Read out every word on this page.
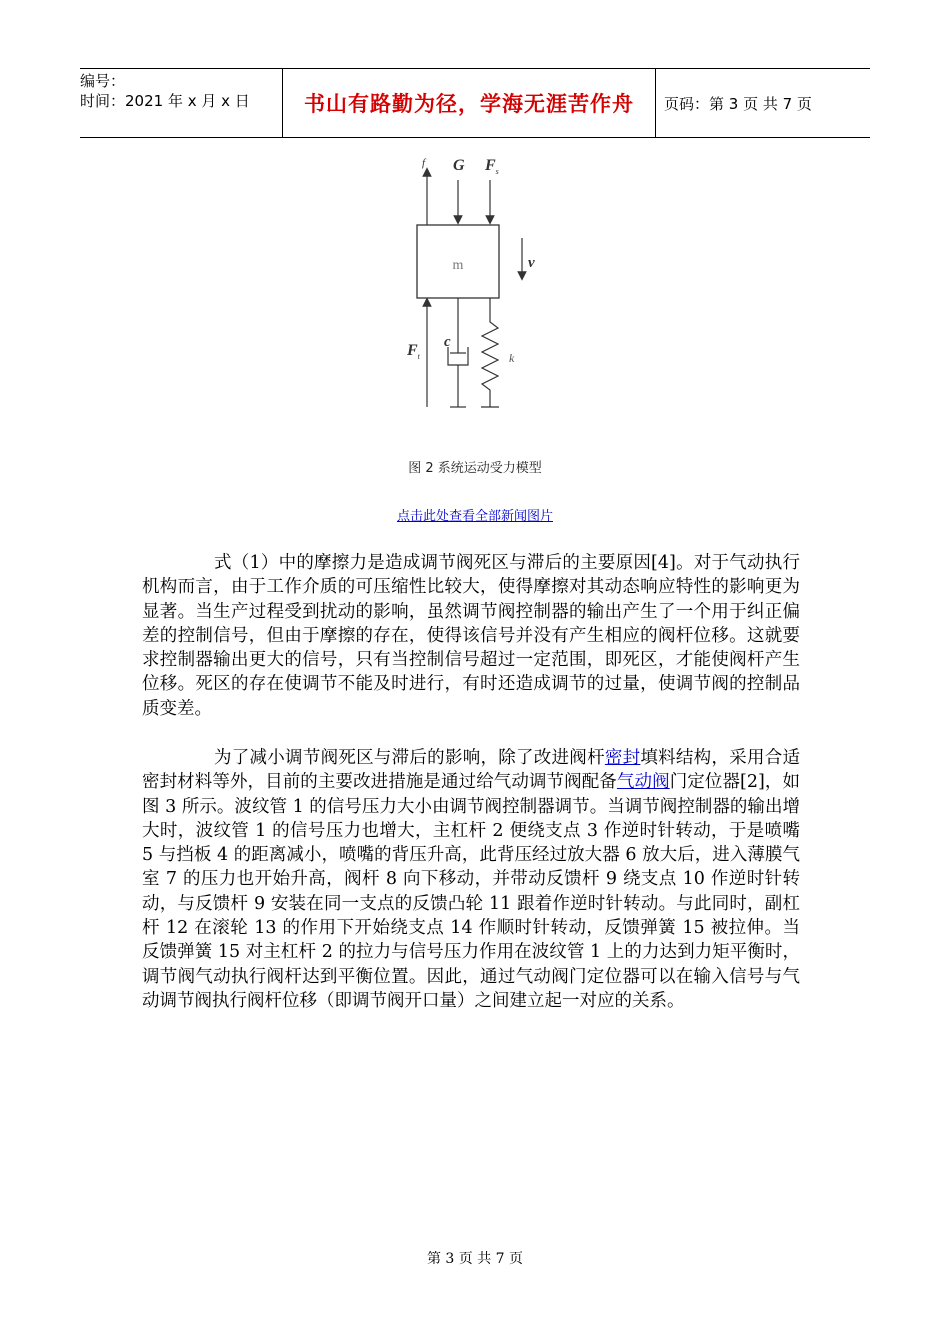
编号：
时间：2021 年 x 月 x 日	书山有路勤为径，学海无涯苦作舟	页码：第 3 页 共 7 页
m
f G $F_s$
v
$F_t$
c
k
图 2 系统运动受力模型
点击此处查看全部新闻图片
式（1）中的摩擦力是造成调节阀死区与滞后的主要原因[4]。对于气动执行机构而言，由于工作介质的可压缩性比较大，使得摩擦对其动态响应特性的影响更为显著。当生产过程受到扰动的影响，虽然调节阀控制器的输出产生了一个用于纠正偏差的控制信号，但由于摩擦的存在，使得该信号并没有产生相应的阀杆位移。这就要求控制器输出更大的信号，只有当控制信号超过一定范围，即死区，才能使阀杆产生位移。死区的存在使调节不能及时进行，有时还造成调节的过量，使调节阀的控制品质变差。
为了减小调节阀死区与滞后的影响，除了改进阀杆密封填料结构，采用合适密封材料等外，目前的主要改进措施是通过给气动调节阀配备气动阀门定位器[2]，如图 3 所示。波纹管 1 的信号压力大小由调节阀控制器调节。当调节阀控制器的输出增大时，波纹管 1 的信号压力也增大，主杠杆 2 便绕支点 3 作逆时针转动，于是喷嘴 5 与挡板 4 的距离减小，喷嘴的背压升高，此背压经过放大器 6 放大后，进入薄膜气室 7 的压力也开始升高，阀杆 8 向下移动，并带动反馈杆 9 绕支点 10 作逆时针转动，与反馈杆 9 安装在同一支点的反馈凸轮 11 跟着作逆时针转动。与此同时，副杠杆 12 在滚轮 13 的作用下开始绕支点 14 作顺时针转动，反馈弹簧 15 被拉伸。当反馈弹簧 15 对主杠杆 2 的拉力与信号压力作用在波纹管 1 上的力达到力矩平衡时，调节阀气动执行阀杆达到平衡位置。因此，通过气动阀门定位器可以在输入信号与气动调节阀执行阀杆位移（即调节阀开口量）之间建立起一对应的关系。
第 3 页 共 7 页
